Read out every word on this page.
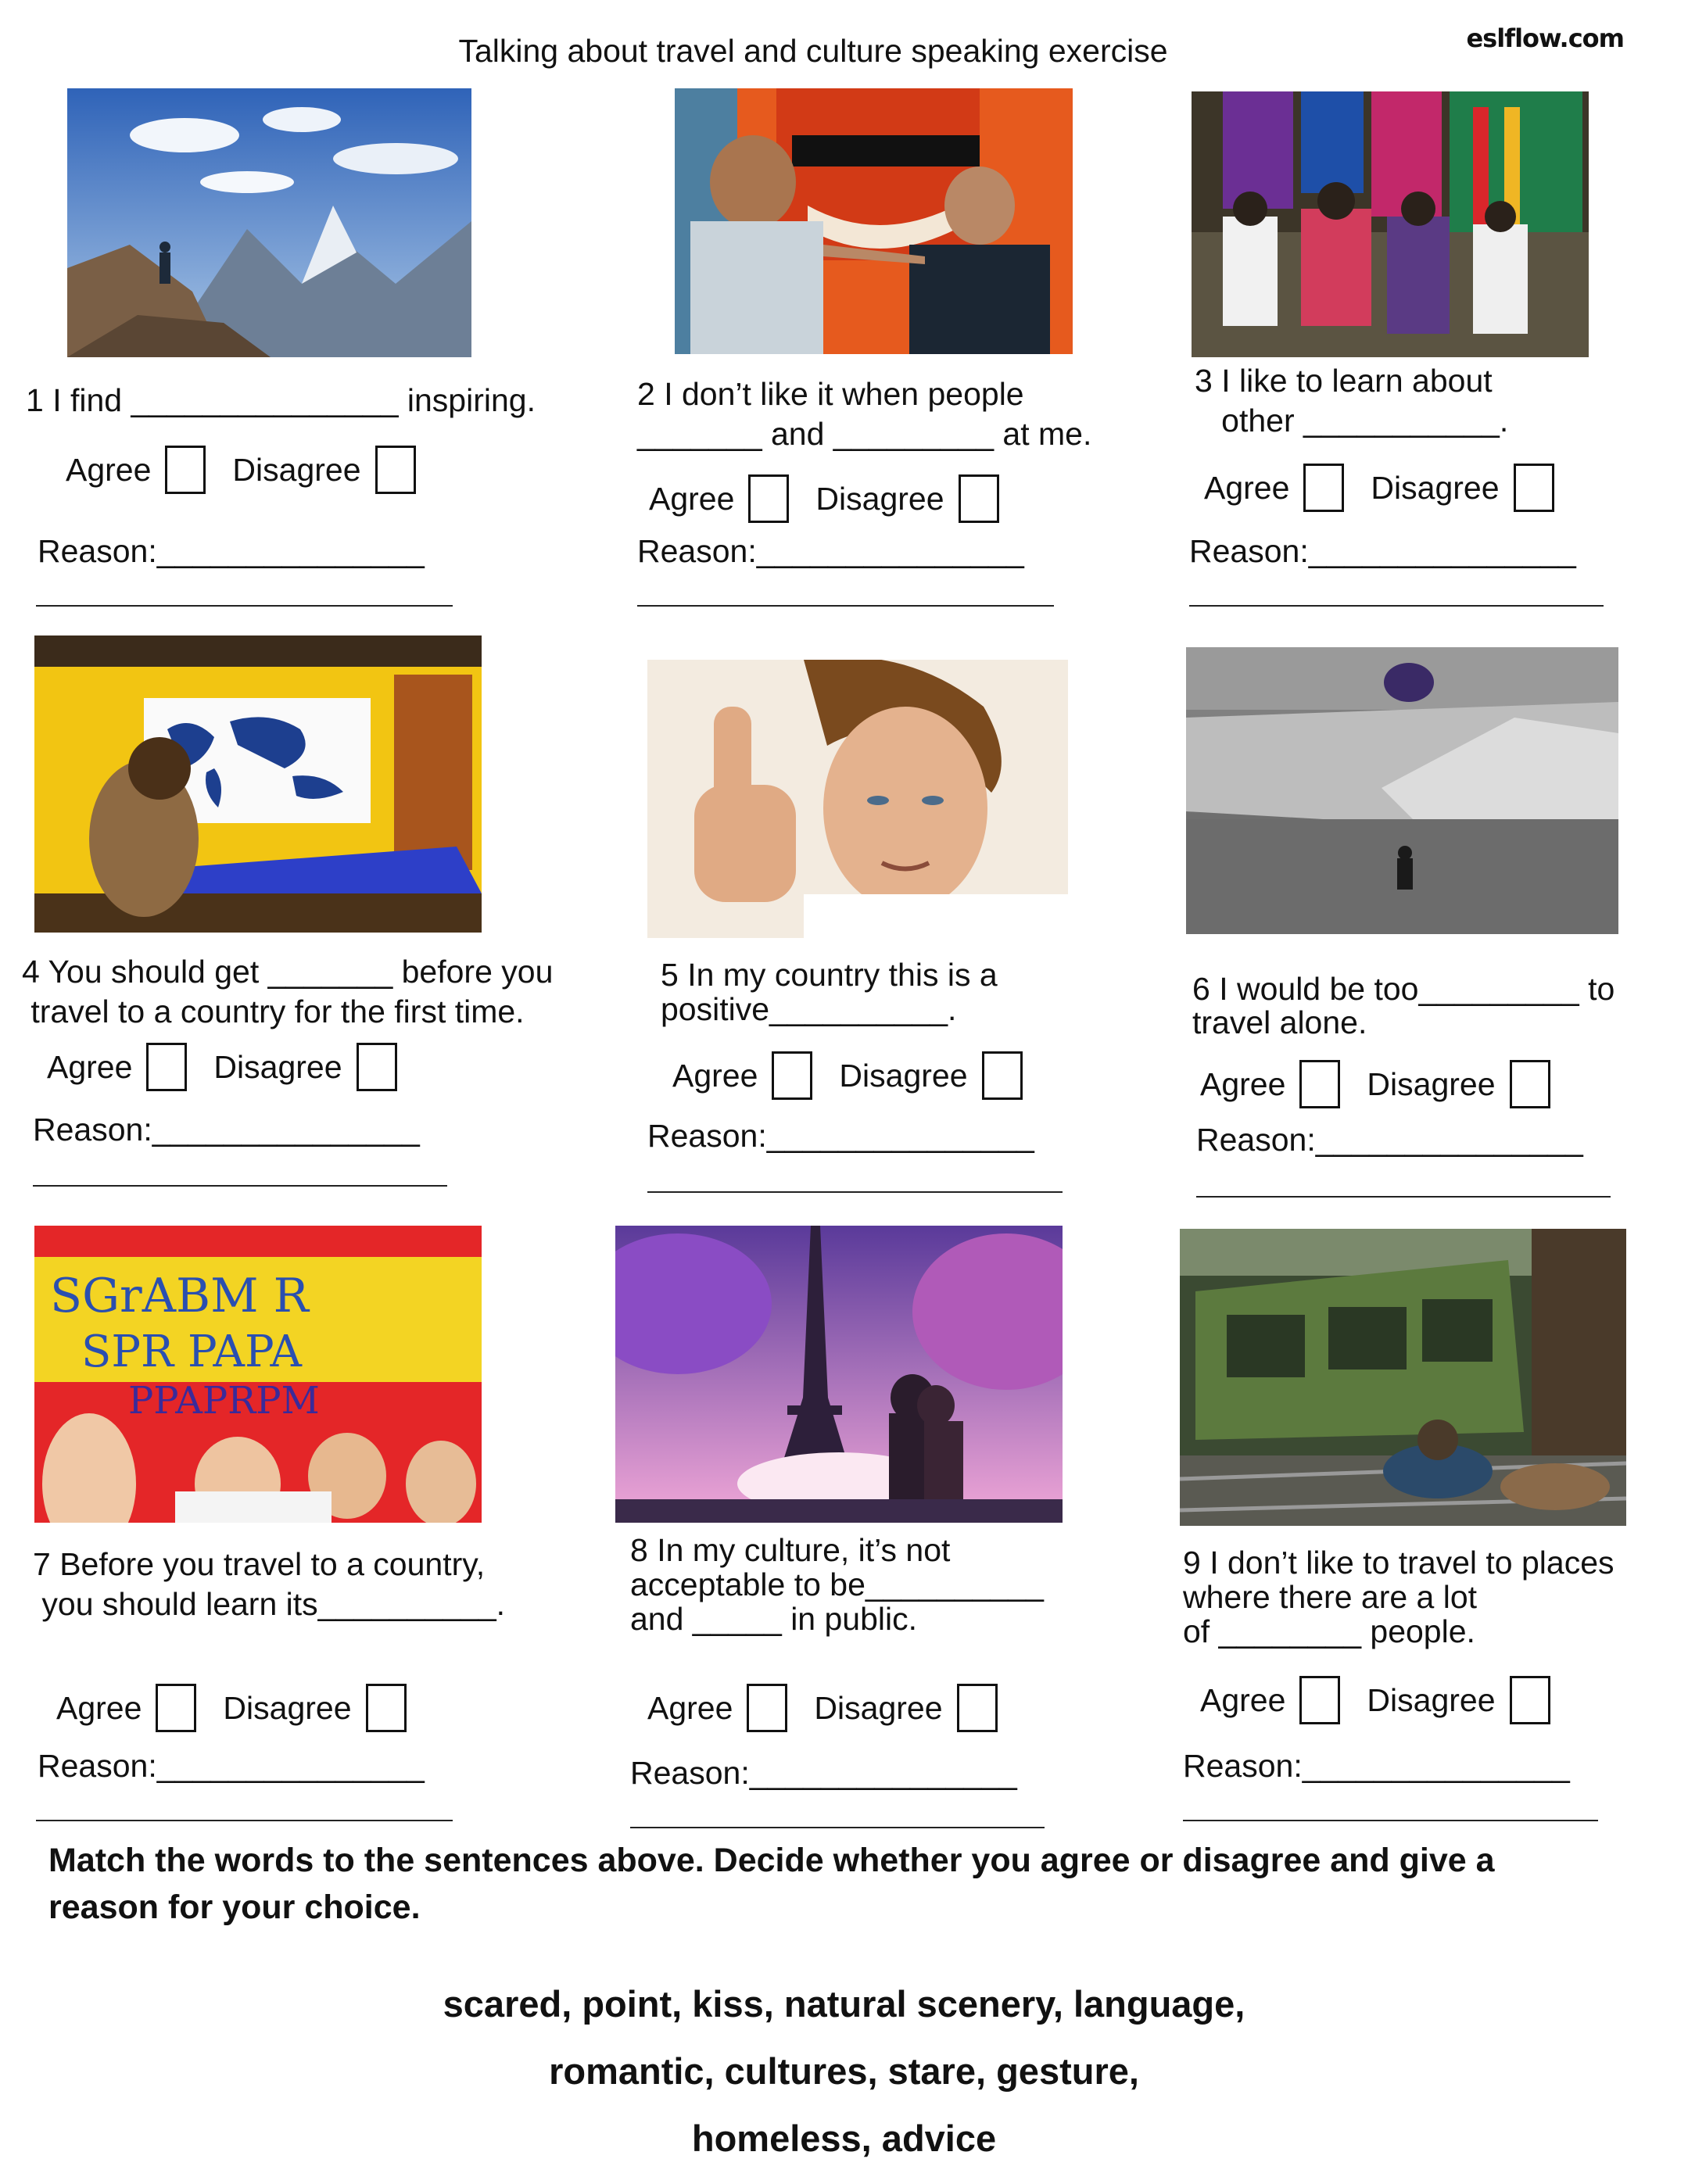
Talking about travel and culture speaking exercise	eslflow.com
SGrABM R
SPR PAPA
PPAPRPM
1 I find _______________ inspiring.
Agree	Disagree
Reason:_______________
2 I don’t like it when people
_______ and _________ at me.
Agree	Disagree
Reason:_______________
3 I like to learn about
other ___________.
Agree	Disagree
Reason:_______________
4 You should get _______ before you
travel to a country for the first time.
Agree	Disagree
Reason:_______________
5 In my country this is a
positive__________.
Agree	Disagree
Reason:_______________
6 I would be too_________ to
travel alone.
Agree	Disagree
Reason:_______________
7 Before you travel to a country,
you should learn its__________.
Agree	Disagree
Reason:_______________
8 In my culture, it’s not
acceptable to be__________
and _____ in public.
Agree	Disagree
Reason:_______________
9 I don’t like to travel to places
where there are a lot
of ________ people.
Agree	Disagree
Reason:_______________
Match the words to the sentences above. Decide whether you agree or disagree and give a reason for your choice.
scared, point, kiss, natural scenery, language,
romantic, cultures, stare, gesture,
homeless, advice
